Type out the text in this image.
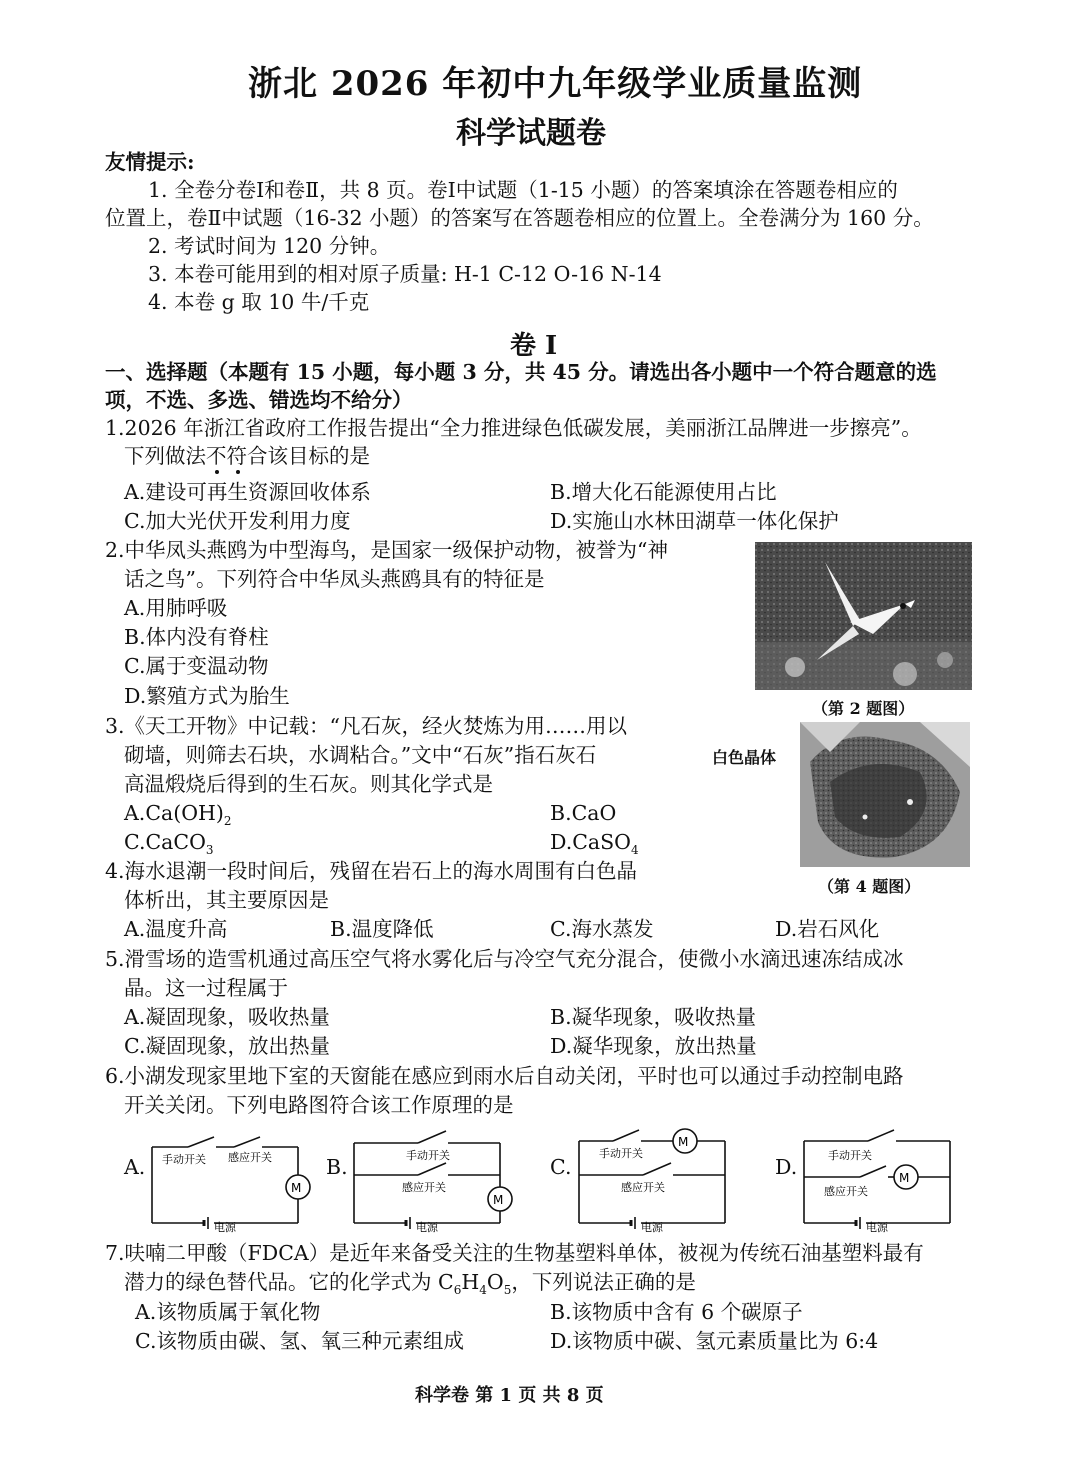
浙北 2026 年初中九年级学业质量监测
科学试题卷
友情提示:
1. 全卷分卷Ⅰ和卷Ⅱ，共 8 页。卷Ⅰ中试题（1-15 小题）的答案填涂在答题卷相应的
位置上，卷Ⅱ中试题（16-32 小题）的答案写在答题卷相应的位置上。全卷满分为 160 分。
2. 考试时间为 120 分钟。
3. 本卷可能用到的相对原子质量: H-1 C-12 O-16 N-14
4. 本卷 g 取 10 牛/千克
卷 Ⅰ
一、选择题（本题有 15 小题，每小题 3 分，共 45 分。请选出各小题中一个符合题意的选
项，不选、多选、错选均不给分）
1.2026 年浙江省政府工作报告提出“全力推进绿色低碳发展，美丽浙江品牌进一步擦亮”。
下列做法不符合该目标的是
A.建设可再生资源回收体系	B.增大化石能源使用占比
C.加大光伏开发利用力度	D.实施山水林田湖草一体化保护
2.中华凤头燕鸥为中型海鸟，是国家一级保护动物，被誉为“神
话之鸟”。下列符合中华凤头燕鸥具有的特征是
A.用肺呼吸
B.体内没有脊柱
C.属于变温动物
D.繁殖方式为胎生
（第 2 题图）
3.《天工开物》中记载：“凡石灰，经火焚炼为用……用以
砌墙，则筛去石块，水调粘合。”文中“石灰”指石灰石
高温煅烧后得到的生石灰。则其化学式是
$A.Ca(OH)_2$	B.CaO
C.CaCO$_3$	D.CaSO$_4$
白色晶体
（第 4 题图）
4.海水退潮一段时间后，残留在岩石上的海水周围有白色晶
体析出，其主要原因是
A.温度升高	B.温度降低	C.海水蒸发	D.岩石风化
5.滑雪场的造雪机通过高压空气将水雾化后与冷空气充分混合，使微小水滴迅速冻结成冰
晶。这一过程属于
A.凝固现象，吸收热量	B.凝华现象，吸收热量
C.凝固现象，放出热量	D.凝华现象，放出热量
6.小湖发现家里地下室的天窗能在感应到雨水后自动关闭，平时也可以通过手动控制电路
开关关闭。下列电路图符合该工作原理的是
A.
M
手动开关 感应开关
电源
B.
M
手动开关
感应开关
电源
C.
M
手动开关
感应开关
电源
D.	M
手动开关
感应开关
电源
7.呋喃二甲酸（FDCA）是近年来备受关注的生物基塑料单体，被视为传统石油基塑料最有
潜力的绿色替代品。它的化学式为 $C_6H_4O_5$，下列说法正确的是
A.该物质属于氧化物	B.该物质中含有 6 个碳原子
C.该物质由碳、氢、氧三种元素组成	D.该物质中碳、氢元素质量比为 6:4
科学卷 第 1 页 共 8 页
